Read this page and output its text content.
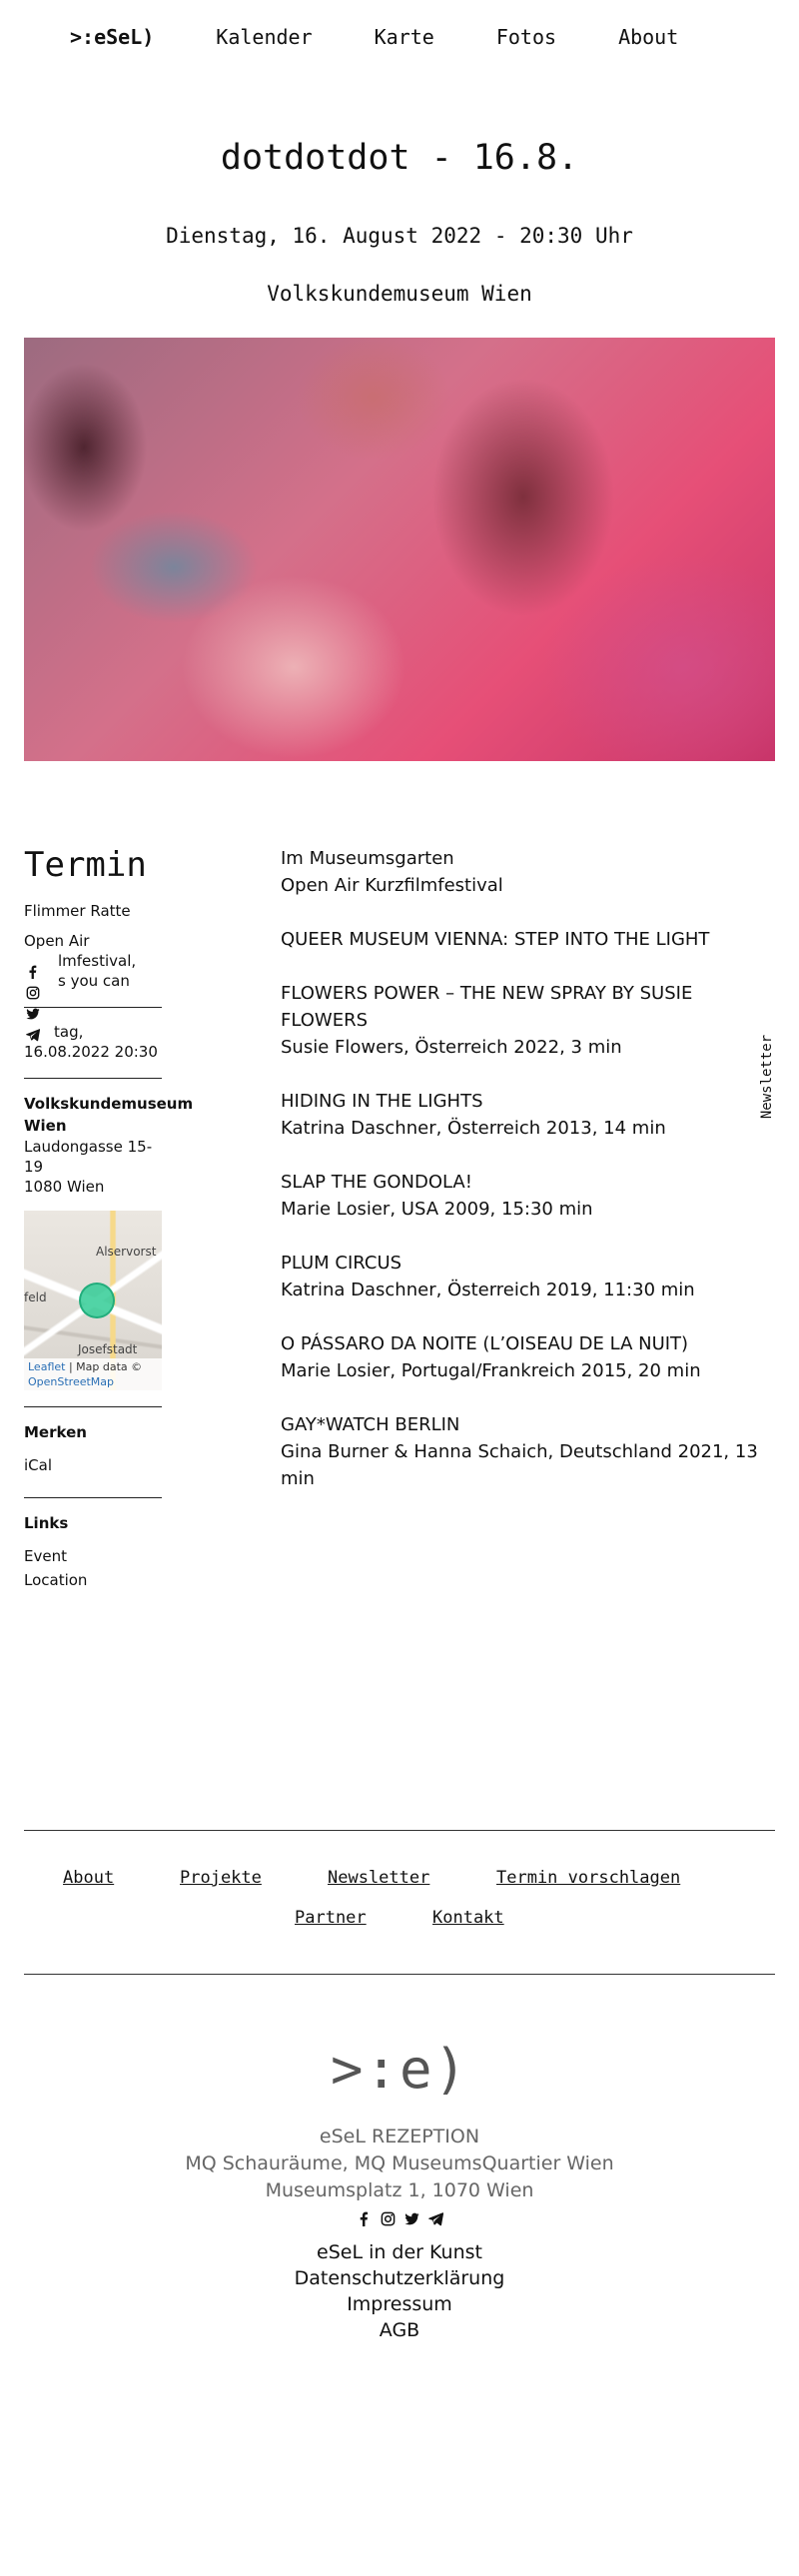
>:eSeL)	Kalender	Karte	Fotos	About
dotdotdot - 16.8.
Dienstag, 16. August 2022 - 20:30 Uhr
Volkskundemuseum Wien
Termin
Flimmer Ratte
Open Air
lmfestival,
s you can
tag,
16.08.2022 20:30
Volkskundemuseum Wien
Laudongasse 15-19
1080 Wien
Alservorst
feld
Josefstadt
Leaflet | Map data ©
OpenStreetMap
Merken
iCal
Links
Event
Location
Im Museumsgarten
Open Air Kurzfilmfestival
QUEER MUSEUM VIENNA: STEP INTO THE LIGHT
FLOWERS POWER – THE NEW SPRAY BY SUSIE FLOWERS
Susie Flowers, Österreich 2022, 3 min
HIDING IN THE LIGHTS
Katrina Daschner, Österreich 2013, 14 min
SLAP THE GONDOLA!
Marie Losier, USA 2009, 15:30 min
PLUM CIRCUS
Katrina Daschner, Österreich 2019, 11:30 min
O PÁSSARO DA NOITE (L’OISEAU DE LA NUIT)
Marie Losier, Portugal/Frankreich 2015, 20 min
GAY*WATCH BERLIN
Gina Burner & Hanna Schaich, Deutschland 2021, 13 min
Newsletter
About	Projekte	Newsletter	Termin vorschlagen
Partner	Kontakt
>:e)
eSeL REZEPTION
MQ Schauräume, MQ MuseumsQuartier Wien
Museumsplatz 1, 1070 Wien
eSeL in der Kunst
Datenschutzerklärung
Impressum
AGB
